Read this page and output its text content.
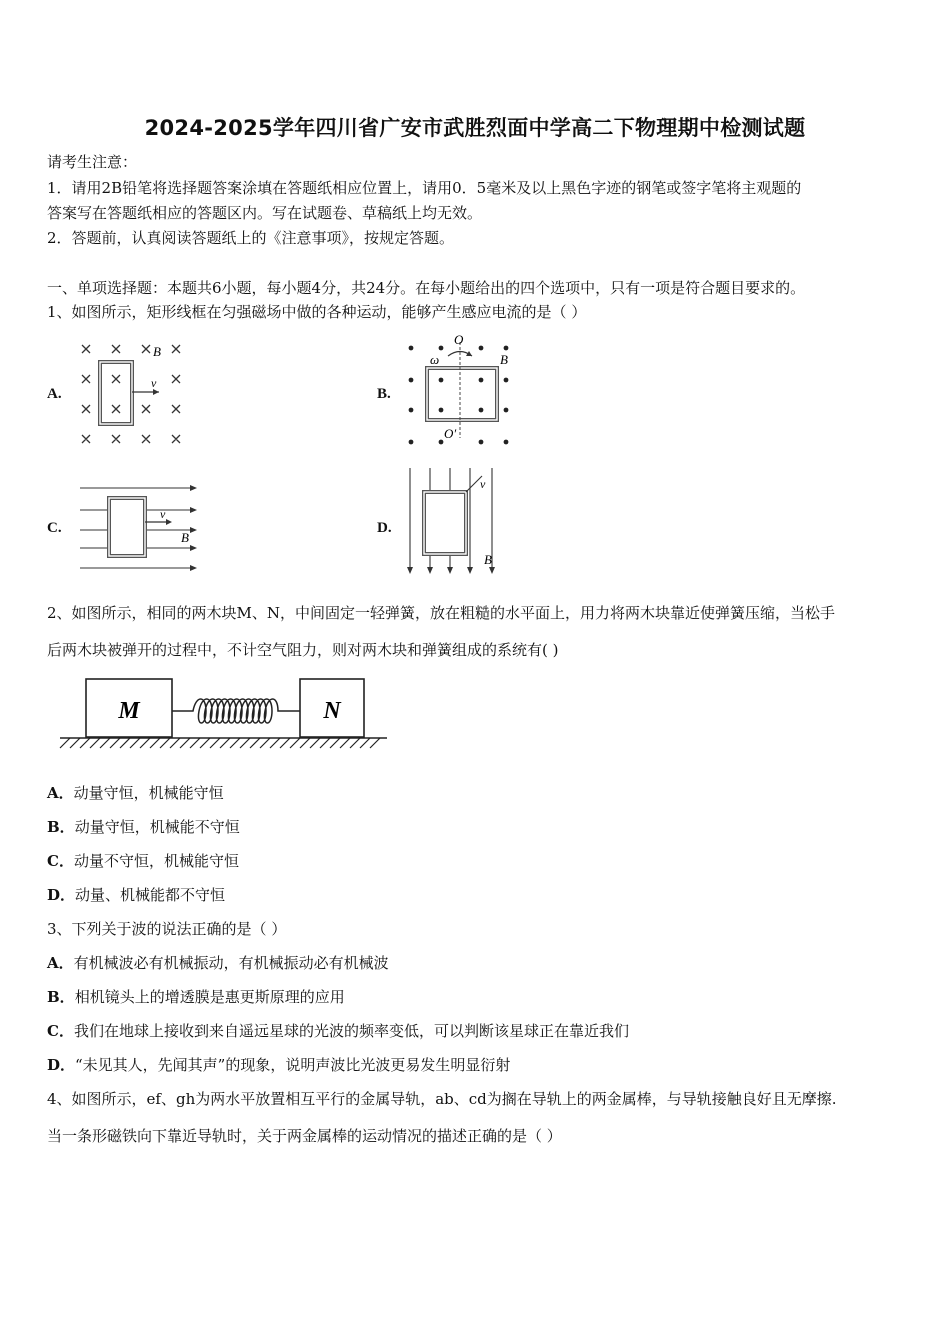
2024-2025学年四川省广安市武胜烈面中学高二下物理期中检测试题
请考生注意：
1．请用2B铅笔将选择题答案涂填在答题纸相应位置上，请用0．5毫米及以上黑色字迹的钢笔或签字笔将主观题的
答案写在答题纸相应的答题区内。写在试题卷、草稿纸上均无效。
2．答题前，认真阅读答题纸上的《注意事项》，按规定答题。
一、单项选择题：本题共6小题，每小题4分，共24分。在每小题给出的四个选项中，只有一项是符合题目要求的。
1、如图所示，矩形线框在匀强磁场中做的各种运动，能够产生感应电流的是（ ）
A.	B.
C.	D.
B
v
O
O′
ω	B
v
B
v
B
2、如图所示，相同的两木块M、N，中间固定一轻弹簧，放在粗糙的水平面上，用力将两木块靠近使弹簧压缩，当松手
后两木块被弹开的过程中，不计空气阻力，则对两木块和弹簧组成的系统有( )
M	N
A．动量守恒，机械能守恒
B．动量守恒，机械能不守恒
C．动量不守恒，机械能守恒
D．动量、机械能都不守恒
3、下列关于波的说法正确的是（ ）
A．有机械波必有机械振动，有机械振动必有机械波
B．相机镜头上的增透膜是惠更斯原理的应用
C．我们在地球上接收到来自遥远星球的光波的频率变低，可以判断该星球正在靠近我们
D．“未见其人，先闻其声”的现象，说明声波比光波更易发生明显衍射
4、如图所示，ef、gh为两水平放置相互平行的金属导轨，ab、cd为搁在导轨上的两金属棒，与导轨接触良好且无摩擦.
当一条形磁铁向下靠近导轨时，关于两金属棒的运动情况的描述正确的是（ ）
